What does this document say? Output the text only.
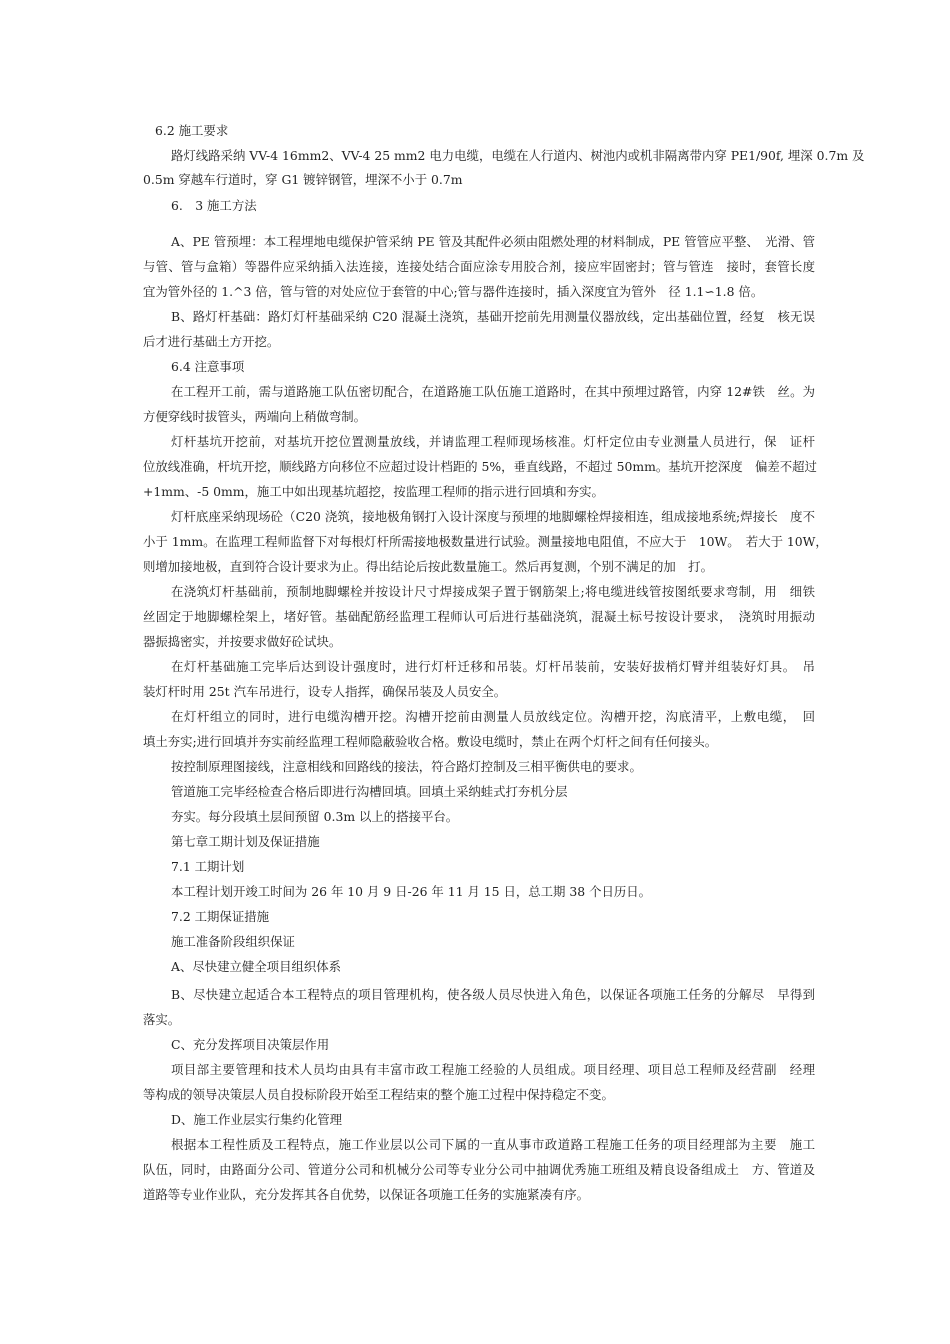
6.2 施工要求
路灯线路采纳 VV-4 16mm2、VV-4 25 mm2 电力电缆，电缆在人行道内、树池内或机非隔离带内穿 PE1/90f, 埋深 0.7m 及
0.5m 穿越车行道时，穿 G1 镀锌钢管，埋深不小于 0.7m
6.　3 施工方法
A、PE 管预埋：本工程埋地电缆保护管采纳 PE 管及其配件必须由阻燃处理的材料制成，PE 管管应平整、　光滑、管
与管、管与盒箱）等器件应采纳插入法连接，连接处结合面应涂专用胶合剂，接应牢固密封；管与管连　接时，套管长度
宜为管外径的 1.^3 倍，管与管的对处应位于套管的中心;管与器件连接时，插入深度宜为管外　径 1.1∽1.8 倍。
B、路灯杆基础：路灯灯杆基础采纳 C20 混凝土浇筑，基础开挖前先用测量仪器放线，定出基础位置，经复　核无误
后才进行基础土方开挖。
6.4 注意事项
在工程开工前，需与道路施工队伍密切配合，在道路施工队伍施工道路时，在其中预埋过路管，内穿 12#铁　丝。为
方便穿线时拔管头，两端向上稍做弯制。
灯杆基坑开挖前，对基坑开挖位置测量放线，并请监理工程师现场核准。灯杆定位由专业测量人员进行，保　证杆
位放线准确，杆坑开挖，顺线路方向移位不应超过设计档距的 5%，垂直线路，不超过 50mm。基坑开挖深度　偏差不超过
+1mm、-5 0mm，施工中如出现基坑超挖，按监理工程师的指示进行回填和夯实。
灯杆底座采纳现场砼（C20 浇筑，接地极角钢打入设计深度与预埋的地脚螺栓焊接相连，组成接地系统;焊接长　度不
小于 1mm。在监理工程师监督下对每根灯杆所需接地极数量进行试验。测量接地电阻值，不应大于　10W。　若大于 10W，
则增加接地极，直到符合设计要求为止。得出结论后按此数量施工。然后再复测，个别不满足的加　打。
在浇筑灯杆基础前，预制地脚螺栓并按设计尺寸焊接成架子置于钢筋架上;将电缆进线管按图纸要求弯制，用　细铁
丝固定于地脚螺栓架上，堵好管。基础配筋经监理工程师认可后进行基础浇筑，混凝土标号按设计要求，　浇筑时用振动
器振捣密实，并按要求做好砼试块。
在灯杆基础施工完毕后达到设计强度时，进行灯杆迁移和吊装。灯杆吊装前，安装好拔梢灯臂并组装好灯具。　吊
装灯杆时用 25t 汽车吊进行，设专人指挥，确保吊装及人员安全。
在灯杆组立的同时，进行电缆沟槽开挖。沟槽开挖前由测量人员放线定位。沟槽开挖，沟底清平，上敷电缆，　回
填土夯实;进行回填并夯实前经监理工程师隐蔽验收合格。敷设电缆时，禁止在两个灯杆之间有任何接头。
按控制原理图接线，注意相线和回路线的接法，符合路灯控制及三相平衡供电的要求。
管道施工完毕经检查合格后即进行沟槽回填。回填土采纳蛙式打夯机分层
夯实。每分段填土层间预留 0.3m 以上的搭接平台。
第七章工期计划及保证措施
7.1 工期计划
本工程计划开竣工时间为 26 年 10 月 9 日-26 年 11 月 15 日，总工期 38 个日历日。
7.2 工期保证措施
施工准备阶段组织保证
A、尽快建立健全项目组织体系
B、尽快建立起适合本工程特点的项目管理机构，使各级人员尽快进入角色，以保证各项施工任务的分解尽　早得到
落实。
C、充分发挥项目决策层作用
项目部主要管理和技术人员均由具有丰富市政工程施工经验的人员组成。项目经理、项目总工程师及经营副　经理
等构成的领导决策层人员自投标阶段开始至工程结束的整个施工过程中保持稳定不变。
D、施工作业层实行集约化管理
根据本工程性质及工程特点，施工作业层以公司下属的一直从事市政道路工程施工任务的项目经理部为主要　施工
队伍，同时，由路面分公司、管道分公司和机械分公司等专业分公司中抽调优秀施工班组及精良设备组成土　方、管道及
道路等专业作业队，充分发挥其各自优势，以保证各项施工任务的实施紧凑有序。
